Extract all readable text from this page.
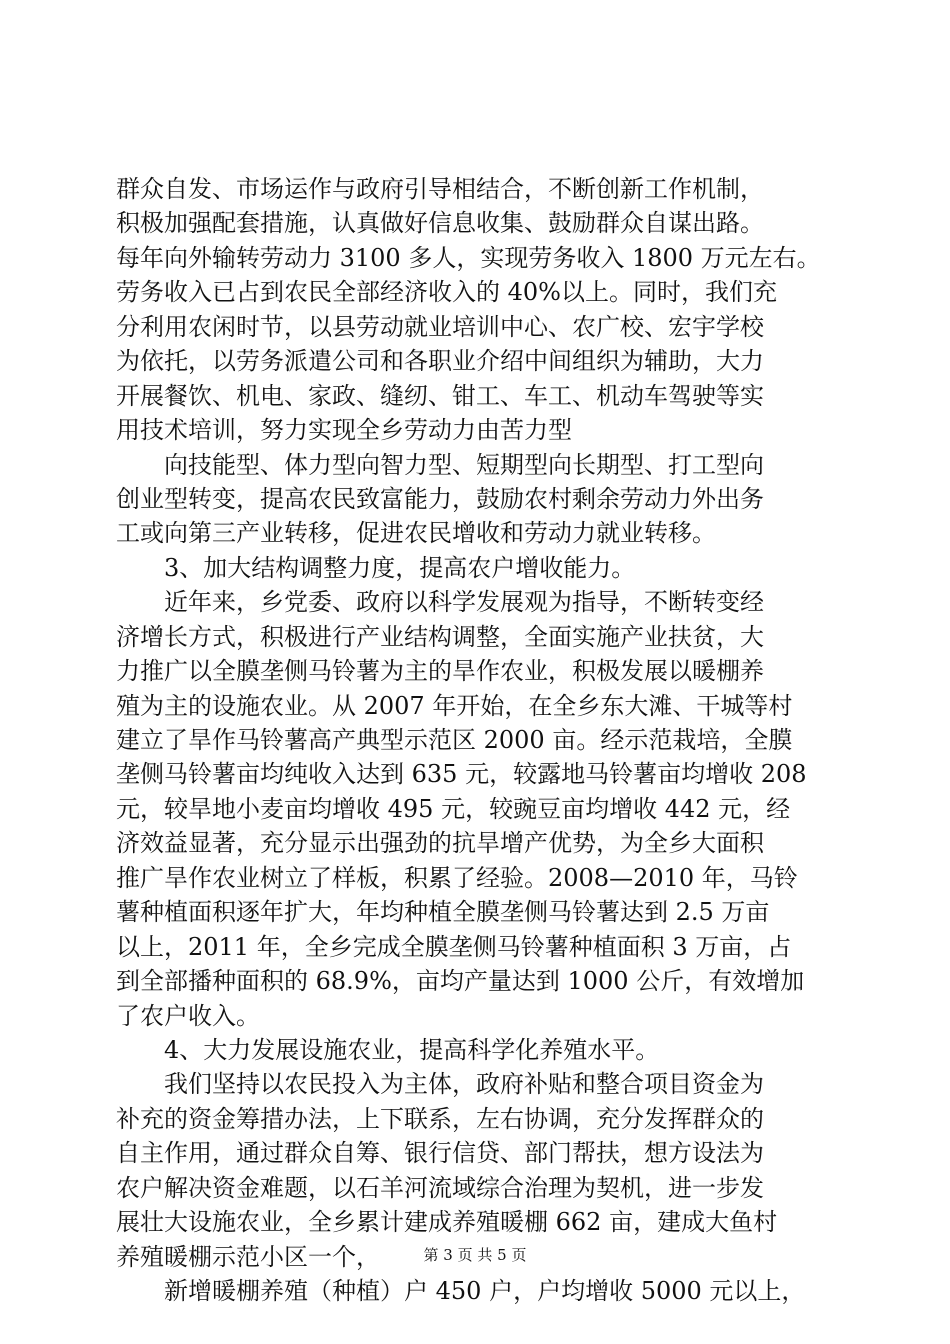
群众自发、市场运作与政府引导相结合，不断创新工作机制，
积极加强配套措施，认真做好信息收集、鼓励群众自谋出路。
每年向外输转劳动力 3100 多人，实现劳务收入 1800 万元左右。
劳务收入已占到农民全部经济收入的 40%以上。同时，我们充
分利用农闲时节，以县劳动就业培训中心、农广校、宏宇学校
为依托，以劳务派遣公司和各职业介绍中间组织为辅助，大力
开展餐饮、机电、家政、缝纫、钳工、车工、机动车驾驶等实
用技术培训，努力实现全乡劳动力由苦力型
向技能型、体力型向智力型、短期型向长期型、打工型向
创业型转变，提高农民致富能力，鼓励农村剩余劳动力外出务
工或向第三产业转移，促进农民增收和劳动力就业转移。
3、加大结构调整力度，提高农户增收能力。
近年来，乡党委、政府以科学发展观为指导，不断转变经
济增长方式，积极进行产业结构调整，全面实施产业扶贫，大
力推广以全膜垄侧马铃薯为主的旱作农业，积极发展以暖棚养
殖为主的设施农业。从 2007 年开始，在全乡东大滩、干城等村
建立了旱作马铃薯高产典型示范区 2000 亩。经示范栽培，全膜
垄侧马铃薯亩均纯收入达到 635 元，较露地马铃薯亩均增收 208
元，较旱地小麦亩均增收 495 元，较豌豆亩均增收 442 元，经
济效益显著，充分显示出强劲的抗旱增产优势，为全乡大面积
推广旱作农业树立了样板，积累了经验。2008—2010 年，马铃
薯种植面积逐年扩大，年均种植全膜垄侧马铃薯达到 2.5 万亩
以上，2011 年，全乡完成全膜垄侧马铃薯种植面积 3 万亩，占
到全部播种面积的 68.9%，亩均产量达到 1000 公斤，有效增加
了农户收入。
4、大力发展设施农业，提高科学化养殖水平。
我们坚持以农民投入为主体，政府补贴和整合项目资金为
补充的资金筹措办法，上下联系，左右协调，充分发挥群众的
自主作用，通过群众自筹、银行信贷、部门帮扶，想方设法为
农户解决资金难题，以石羊河流域综合治理为契机，进一步发
展壮大设施农业，全乡累计建成养殖暖棚 662 亩，建成大鱼村
养殖暖棚示范小区一个，
新增暖棚养殖（种植）户 450 户，户均增收 5000 元以上，
第 3 页 共 5 页
